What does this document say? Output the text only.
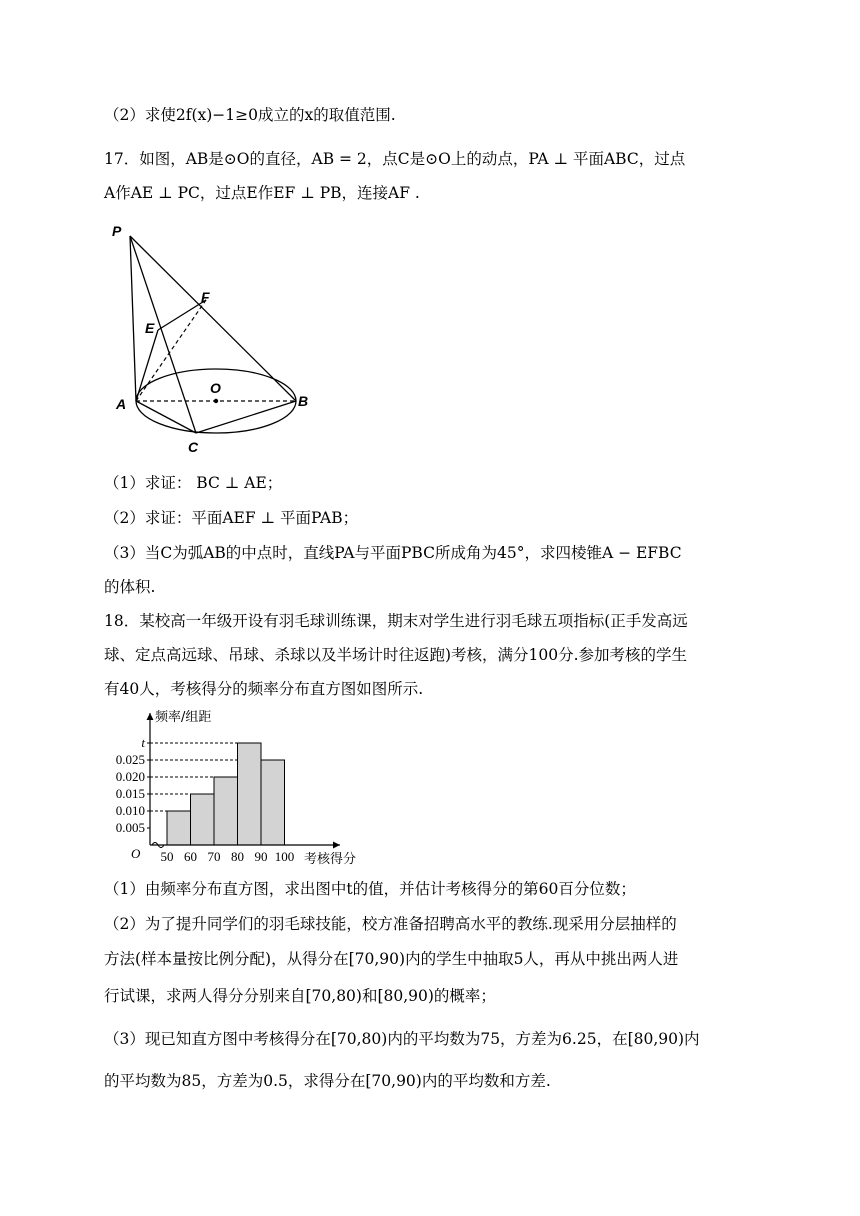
（2）求使2f(x)−1≥0成立的x的取值范围.
17．如图，AB是⊙O的直径，AB = 2，点C是⊙O上的动点，PA ⊥ 平面ABC，过点
A作AE ⊥ PC，过点E作EF ⊥ PB，连接AF .
P
F
E
O
A	B
C
（1）求证： BC ⊥ AE；
（2）求证：平面AEF ⊥ 平面PAB；
（3）当C为弧AB的中点时，直线PA与平面PBC所成角为45°，求四棱锥A − EFBC
的体积.
18．某校高一年级开设有羽毛球训练课，期末对学生进行羽毛球五项指标(正手发高远
球、定点高远球、吊球、杀球以及半场计时往返跑)考核，满分100分.参加考核的学生
有40人，考核得分的频率分布直方图如图所示.
0.005
0.010
0.015
0.020
0.025
t
50 60 70 80 90 100
频率/组距
考核得分
O
（1）由频率分布直方图，求出图中t的值，并估计考核得分的第60百分位数；
（2）为了提升同学们的羽毛球技能，校方准备招聘高水平的教练.现采用分层抽样的
方法(样本量按比例分配)，从得分在[70,90)内的学生中抽取5人，再从中挑出两人进
行试课，求两人得分分别来自[70,80)和[80,90)的概率；
（3）现已知直方图中考核得分在[70,80)内的平均数为75，方差为6.25，在[80,90)内
的平均数为85，方差为0.5，求得分在[70,90)内的平均数和方差.
